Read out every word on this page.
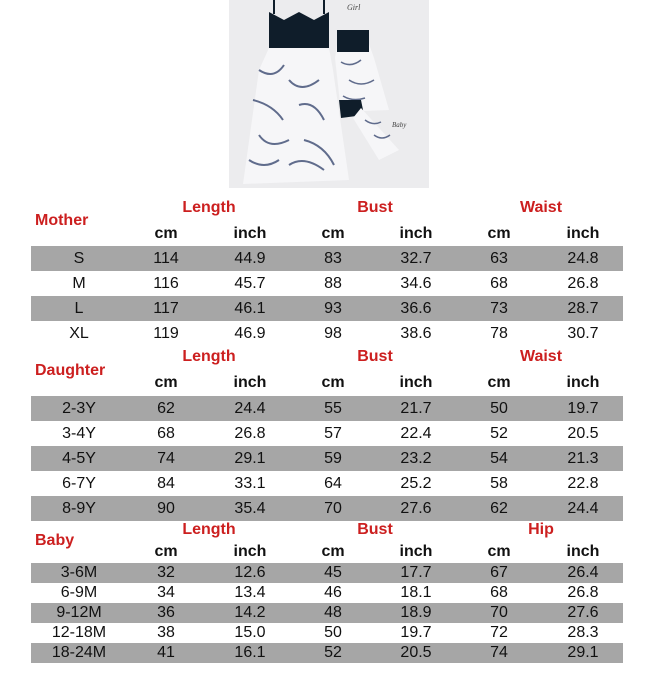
Girl
Baby
Mother
Length	Bust	Waist
cm	inch	cm	inch	cm	inch
S	114	44.9	83	32.7	63	24.8
M	116	45.7	88	34.6	68	26.8
L	117	46.1	93	36.6	73	28.7
XL	119	46.9	98	38.6	78	30.7
Daughter
Length	Bust	Waist
cm	inch	cm	inch	cm	inch
2-3Y	62	24.4	55	21.7	50	19.7
3-4Y	68	26.8	57	22.4	52	20.5
4-5Y	74	29.1	59	23.2	54	21.3
6-7Y	84	33.1	64	25.2	58	22.8
8-9Y	90	35.4	70	27.6	62	24.4
Baby
Length	Bust	Hip
cm	inch	cm	inch	cm	inch
3-6M	32	12.6	45	17.7	67	26.4
6-9M	34	13.4	46	18.1	68	26.8
9-12M	36	14.2	48	18.9	70	27.6
12-18M	38	15.0	50	19.7	72	28.3
18-24M	41	16.1	52	20.5	74	29.1
